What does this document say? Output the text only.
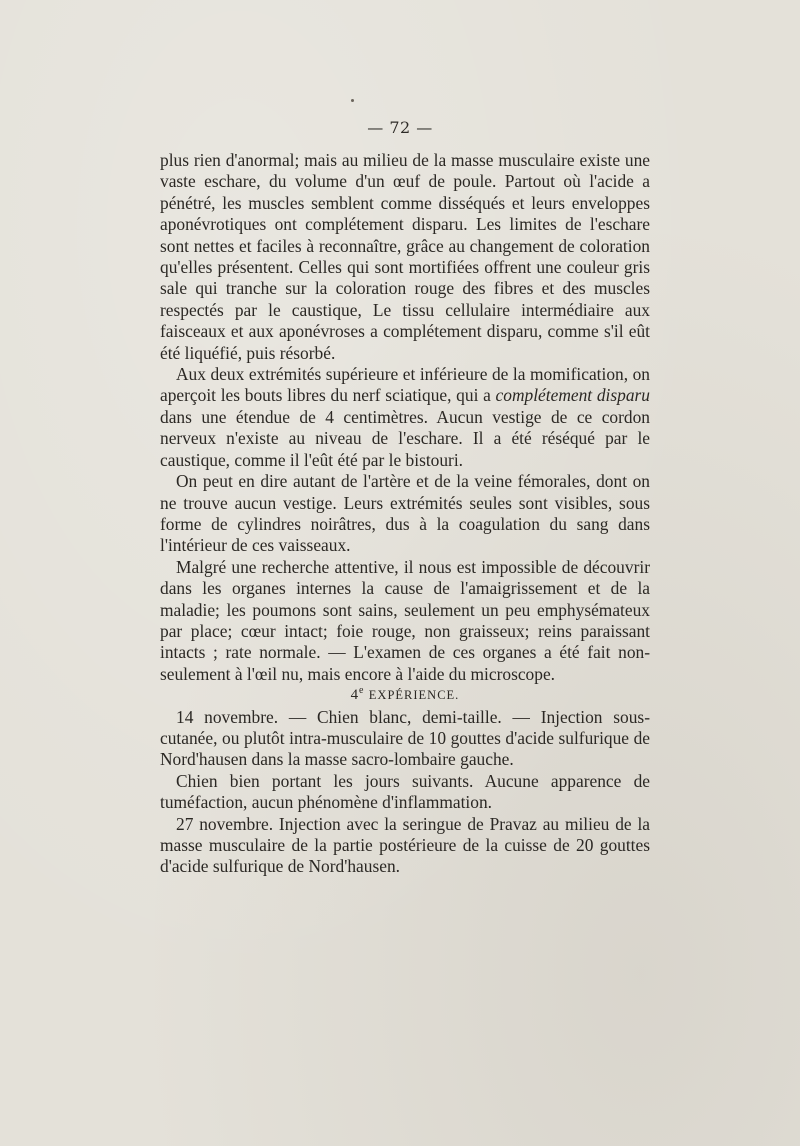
— 72 —

plus rien d'anormal; mais au milieu de la masse musculaire existe une vaste eschare, du volume d'un œuf de poule. Partout où l'acide a pénétré, les muscles semblent comme disséqués et leurs enveloppes aponévrotiques ont complétement disparu. Les limites de l'eschare sont nettes et faciles à reconnaître, grâce au changement de coloration qu'elles présentent. Celles qui sont mortifiées offrent une couleur gris sale qui tranche sur la coloration rouge des fibres et des muscles respectés par le caustique, Le tissu cellulaire intermédiaire aux faisceaux et aux aponévroses a complétement disparu, comme s'il eût été liquéfié, puis résorbé.

Aux deux extrémités supérieure et inférieure de la momification, on aperçoit les bouts libres du nerf sciatique, qui a complétement disparu dans une étendue de 4 centimètres. Aucun vestige de ce cordon nerveux n'existe au niveau de l'eschare. Il a été réséqué par le caustique, comme il l'eût été par le bistouri.

On peut en dire autant de l'artère et de la veine fémorales, dont on ne trouve aucun vestige. Leurs extrémités seules sont visibles, sous forme de cylindres noirâtres, dus à la coagulation du sang dans l'intérieur de ces vaisseaux.

Malgré une recherche attentive, il nous est impossible de découvrir dans les organes internes la cause de l'amaigrissement et de la maladie; les poumons sont sains, seulement un peu emphysémateux par place; cœur intact; foie rouge, non graisseux; reins paraissant intacts ; rate normale. — L'examen de ces organes a été fait non-seulement à l'œil nu, mais encore à l'aide du microscope.

4e EXPÉRIENCE.

14 novembre. — Chien blanc, demi-taille. — Injection sous-cutanée, ou plutôt intra-musculaire de 10 gouttes d'acide sulfurique de Nord'hausen dans la masse sacro-lombaire gauche.

Chien bien portant les jours suivants. Aucune apparence de tuméfaction, aucun phénomène d'inflammation.

27 novembre. Injection avec la seringue de Pravaz au milieu de la masse musculaire de la partie postérieure de la cuisse de 20 gouttes d'acide sulfurique de Nord'hausen.
